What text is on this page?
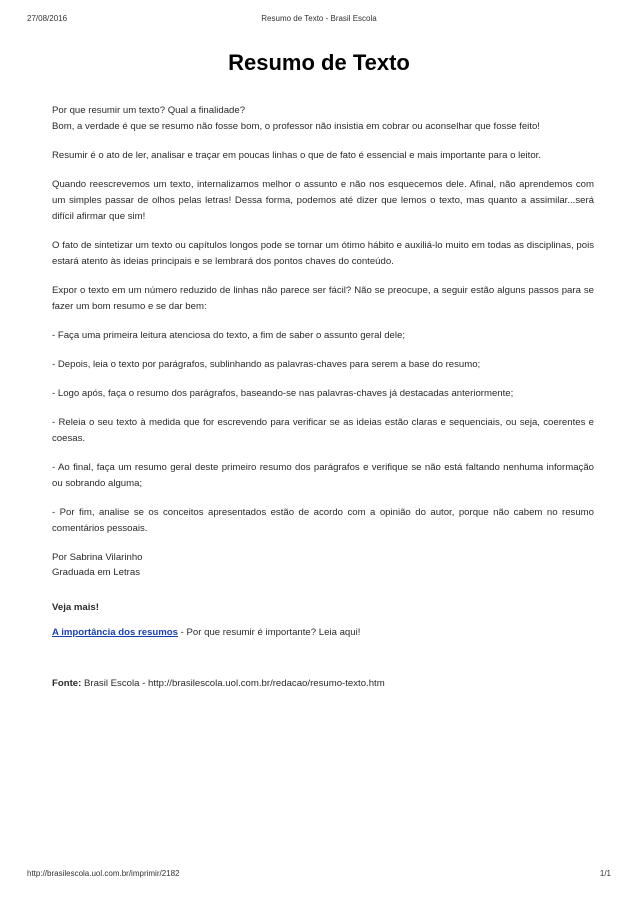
27/08/2016	Resumo de Texto - Brasil Escola
Resumo de Texto

Por que resumir um texto? Qual a finalidade?

Bom, a verdade é que se resumo não fosse bom, o professor não insistia em cobrar ou aconselhar que fosse feito!

Resumir é o ato de ler, analisar e traçar em poucas linhas o que de fato é essencial e mais importante para o leitor.

Quando reescrevemos um texto, internalizamos melhor o assunto e não nos esquecemos dele. Afinal, não aprendemos com um simples passar de olhos pelas letras! Dessa forma, podemos até dizer que lemos o texto, mas quanto a assimilar...será difícil afirmar que sim!

O fato de sintetizar um texto ou capítulos longos pode se tornar um ótimo hábito e auxiliá-lo muito em todas as disciplinas, pois estará atento às ideias principais e se lembrará dos pontos chaves do conteúdo.

Expor o texto em um número reduzido de linhas não parece ser fácil? Não se preocupe, a seguir estão alguns passos para se fazer um bom resumo e se dar bem:

- Faça uma primeira leitura atenciosa do texto, a fim de saber o assunto geral dele;

- Depois, leia o texto por parágrafos, sublinhando as palavras-chaves para serem a base do resumo;

- Logo após, faça o resumo dos parágrafos, baseando-se nas palavras-chaves já destacadas anteriormente;

- Releia o seu texto à medida que for escrevendo para verificar se as ideias estão claras e sequenciais, ou seja, coerentes e coesas.

- Ao final, faça um resumo geral deste primeiro resumo dos parágrafos e verifique se não está faltando nenhuma informação ou sobrando alguma;

- Por fim, analise se os conceitos apresentados estão de acordo com a opinião do autor, porque não cabem no resumo comentários pessoais.

Por Sabrina Vilarinho
Graduada em Letras

Veja mais!

A importância dos resumos - Por que resumir é importante? Leia aqui!

Fonte: Brasil Escola - http://brasilescola.uol.com.br/redacao/resumo-texto.htm

http://brasilescola.uol.com.br/imprimir/2182	1/1
